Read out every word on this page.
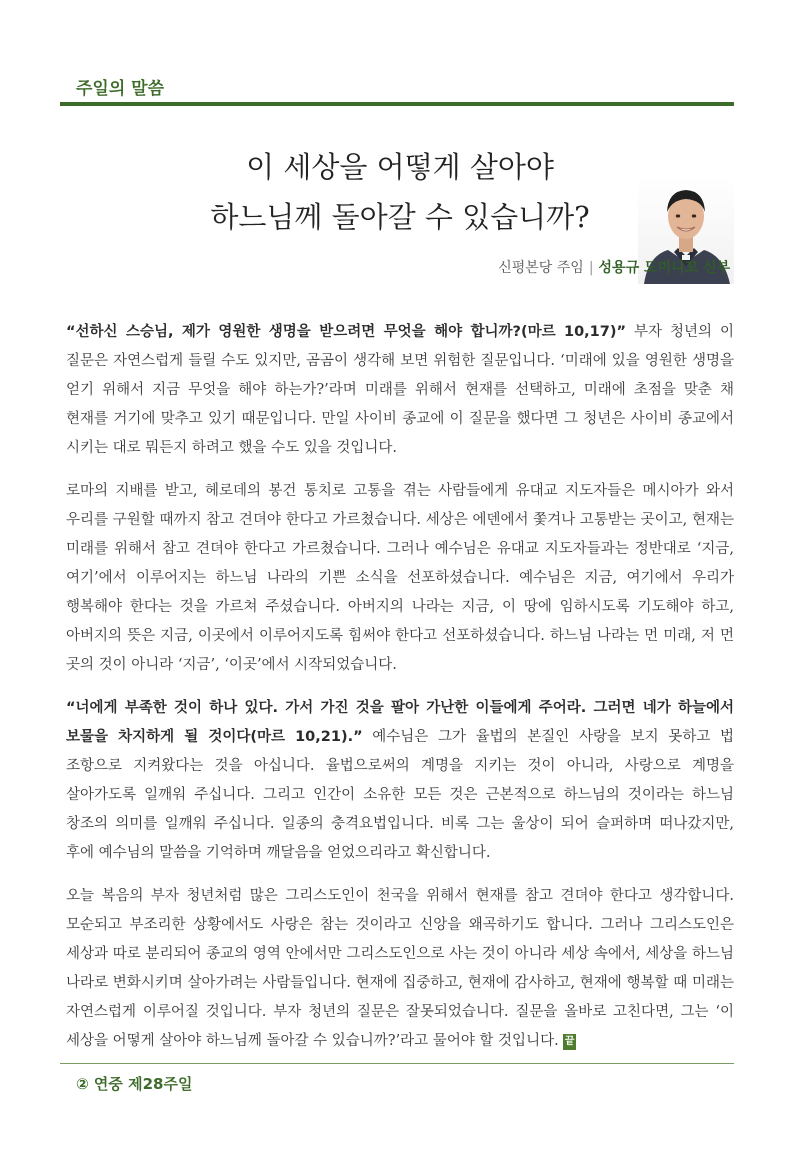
주일의 말씀
이 세상을 어떻게 살아야
하느님께 돌아갈 수 있습니까?
신평본당 주임 | 성용규 도미니꼬 신부

“선하신 스승님, 제가 영원한 생명을 받으려면 무엇을 해야 합니까?(마르 10,17)” 부자 청년의 이 질문은 자연스럽게 들릴 수도 있지만, 곰곰이 생각해 보면 위험한 질문입니다. ‘미래에 있을 영원한 생명을 얻기 위해서 지금 무엇을 해야 하는가?’라며 미래를 위해서 현재를 선택하고, 미래에 초점을 맞춘 채 현재를 거기에 맞추고 있기 때문입니다. 만일 사이비 종교에 이 질문을 했다면 그 청년은 사이비 종교에서 시키는 대로 뭐든지 하려고 했을 수도 있을 것입니다.

로마의 지배를 받고, 헤로데의 봉건 통치로 고통을 겪는 사람들에게 유대교 지도자들은 메시아가 와서 우리를 구원할 때까지 참고 견뎌야 한다고 가르쳤습니다. 세상은 에덴에서 쫓겨나 고통받는 곳이고, 현재는 미래를 위해서 참고 견뎌야 한다고 가르쳤습니다. 그러나 예수님은 유대교 지도자들과는 정반대로 ‘지금, 여기’에서 이루어지는 하느님 나라의 기쁜 소식을 선포하셨습니다. 예수님은 지금, 여기에서 우리가 행복해야 한다는 것을 가르쳐 주셨습니다. 아버지의 나라는 지금, 이 땅에 임하시도록 기도해야 하고, 아버지의 뜻은 지금, 이곳에서 이루어지도록 힘써야 한다고 선포하셨습니다. 하느님 나라는 먼 미래, 저 먼 곳의 것이 아니라 ‘지금’, ‘이곳’에서 시작되었습니다.

“너에게 부족한 것이 하나 있다. 가서 가진 것을 팔아 가난한 이들에게 주어라. 그러면 네가 하늘에서 보물을 차지하게 될 것이다(마르 10,21).” 예수님은 그가 율법의 본질인 사랑을 보지 못하고 법 조항으로 지켜왔다는 것을 아십니다. 율법으로써의 계명을 지키는 것이 아니라, 사랑으로 계명을 살아가도록 일깨워 주십니다. 그리고 인간이 소유한 모든 것은 근본적으로 하느님의 것이라는 하느님 창조의 의미를 일깨워 주십니다. 일종의 충격요법입니다. 비록 그는 울상이 되어 슬퍼하며 떠나갔지만, 후에 예수님의 말씀을 기억하며 깨달음을 얻었으리라고 확신합니다.

오늘 복음의 부자 청년처럼 많은 그리스도인이 천국을 위해서 현재를 참고 견뎌야 한다고 생각합니다. 모순되고 부조리한 상황에서도 사랑은 참는 것이라고 신앙을 왜곡하기도 합니다. 그러나 그리스도인은 세상과 따로 분리되어 종교의 영역 안에서만 그리스도인으로 사는 것이 아니라 세상 속에서, 세상을 하느님 나라로 변화시키며 살아가려는 사람들입니다. 현재에 집중하고, 현재에 감사하고, 현재에 행복할 때 미래는 자연스럽게 이루어질 것입니다. 부자 청년의 질문은 잘못되었습니다. 질문을 올바로 고친다면, 그는 ‘이 세상을 어떻게 살아야 하느님께 돌아갈 수 있습니까?’라고 물어야 할 것입니다. 끝

② 연중 제28주일
